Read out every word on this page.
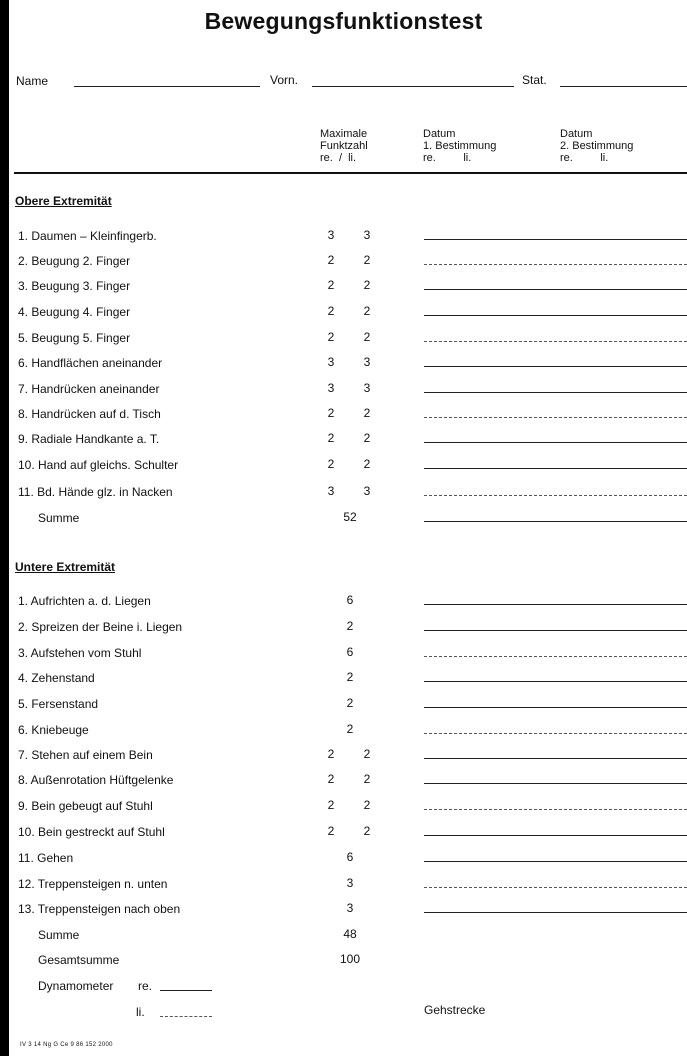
Bewegungsfunktionstest
Name	Vorn.	Stat.
Maximale
Funktzahl
re.  /  li.
Datum
1. Bestimmung
re.         li.
Datum
2. Bestimmung
re.         li.
Obere Extremität
1. Daumen – Kleinfingerb.	3	3
2. Beugung 2. Finger	2	2
3. Beugung 3. Finger	2	2
4. Beugung 4. Finger	2	2
5. Beugung 5. Finger	2	2
6. Handflächen aneinander	3	3
7. Handrücken aneinander	3	3
8. Handrücken auf d. Tisch	2	2
9. Radiale Handkante a. T.	2	2
10. Hand auf gleichs. Schulter	2	2
11. Bd. Hände glz. in Nacken	3	3
Summe	52
Untere Extremität
1. Aufrichten a. d. Liegen	6
2. Spreizen der Beine i. Liegen	2
3. Aufstehen vom Stuhl	6
4. Zehenstand	2
5. Fersenstand	2
6. Kniebeuge	2
7. Stehen auf einem Bein	2	2
8. Außenrotation Hüftgelenke	2	2
9. Bein gebeugt auf Stuhl	2	2
10. Bein gestreckt auf Stuhl	2	2
11. Gehen	6
12. Treppensteigen n. unten	3
13. Treppensteigen nach oben	3
Summe	48
Gesamtsumme	100
Dynamometer re.
li.	Gehstrecke
IV 3 14 Ng G Ce 9 86 152 2000
